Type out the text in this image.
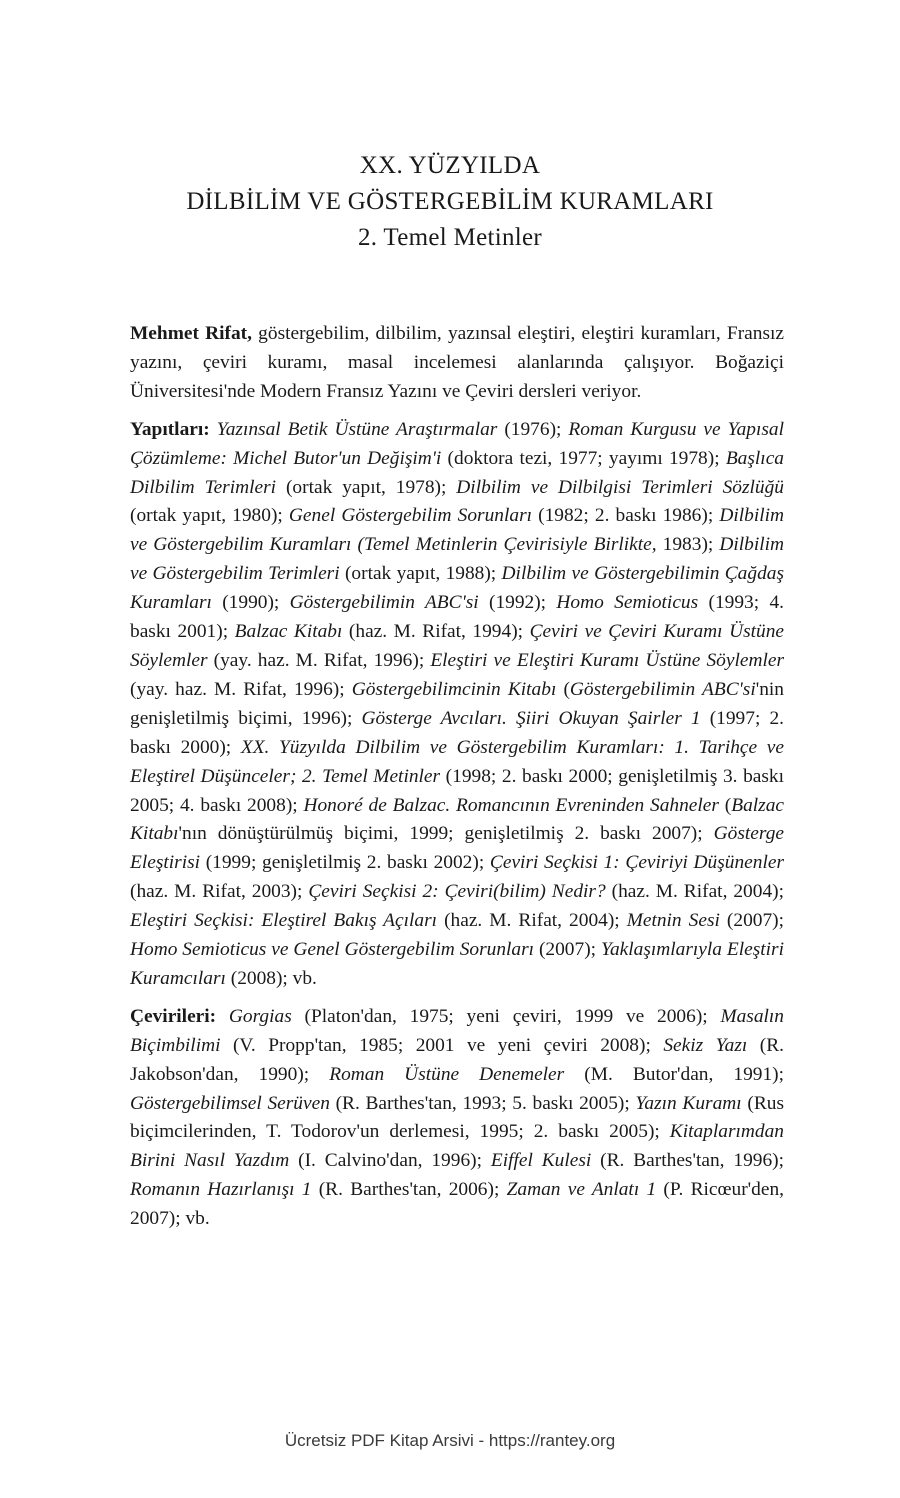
XX. YÜZYILDA
DİLBİLİM VE GÖSTERGEBİLİM KURAMLARI
2. Temel Metinler

Mehmet Rifat, göstergebilim, dilbilim, yazınsal eleştiri, eleştiri kuramları, Fransız yazını, çeviri kuramı, masal incelemesi alanlarında çalışıyor. Boğaziçi Üniversitesi'nde Modern Fransız Yazını ve Çeviri dersleri veriyor.

Yapıtları: Yazınsal Betik Üstüne Araştırmalar (1976); Roman Kurgusu ve Yapısal Çözümleme: Michel Butor'un Değişim'i (doktora tezi, 1977; yayımı 1978); Başlıca Dilbilim Terimleri (ortak yapıt, 1978); Dilbilim ve Dilbilgisi Terimleri Sözlüğü (ortak yapıt, 1980); Genel Göstergebilim Sorunları (1982; 2. baskı 1986); Dilbilim ve Göstergebilim Kuramları (Temel Metinlerin Çevirisiyle Birlikte, 1983); Dilbilim ve Göstergebilim Terimleri (ortak yapıt, 1988); Dilbilim ve Göstergebilimin Çağdaş Kuramları (1990); Göstergebilimin ABC'si (1992); Homo Semioticus (1993; 4. baskı 2001); Balzac Kitabı (haz. M. Rifat, 1994); Çeviri ve Çeviri Kuramı Üstüne Söylemler (yay. haz. M. Rifat, 1996); Eleştiri ve Eleştiri Kuramı Üstüne Söylemler (yay. haz. M. Rifat, 1996); Göstergebilimcinin Kitabı (Göstergebilimin ABC'si'nin genişletilmiş biçimi, 1996); Gösterge Avcıları. Şiiri Okuyan Şairler 1 (1997; 2. baskı 2000); XX. Yüzyılda Dilbilim ve Göstergebilim Kuramları: 1. Tarihçe ve Eleştirel Düşünceler; 2. Temel Metinler (1998; 2. baskı 2000; genişletilmiş 3. baskı 2005; 4. baskı 2008); Honoré de Balzac. Romancının Evreninden Sahneler (Balzac Kitabı'nın dönüştürülmüş biçimi, 1999; genişletilmiş 2. baskı 2007); Gösterge Eleştirisi (1999; genişletilmiş 2. baskı 2002); Çeviri Seçkisi 1: Çeviriyi Düşünenler (haz. M. Rifat, 2003); Çeviri Seçkisi 2: Çeviri(bilim) Nedir? (haz. M. Rifat, 2004); Eleştiri Seçkisi: Eleştirel Bakış Açıları (haz. M. Rifat, 2004); Metnin Sesi (2007); Homo Semioticus ve Genel Göstergebilim Sorunları (2007); Yaklaşımlarıyla Eleştiri Kuramcıları (2008); vb.

Çevirileri: Gorgias (Platon'dan, 1975; yeni çeviri, 1999 ve 2006); Masalın Biçimbilimi (V. Propp'tan, 1985; 2001 ve yeni çeviri 2008); Sekiz Yazı (R. Jakobson'dan, 1990); Roman Üstüne Denemeler (M. Butor'dan, 1991); Göstergebilimsel Serüven (R. Barthes'tan, 1993; 5. baskı 2005); Yazın Kuramı (Rus biçimcilerinden, T. Todorov'un derlemesi, 1995; 2. baskı 2005); Kitaplarımdan Birini Nasıl Yazdım (I. Calvino'dan, 1996); Eiffel Kulesi (R. Barthes'tan, 1996); Romanın Hazırlanışı 1 (R. Barthes'tan, 2006); Zaman ve Anlatı 1 (P. Ricœur'den, 2007); vb.

Ücretsiz PDF Kitap Arsivi - https://rantey.org
